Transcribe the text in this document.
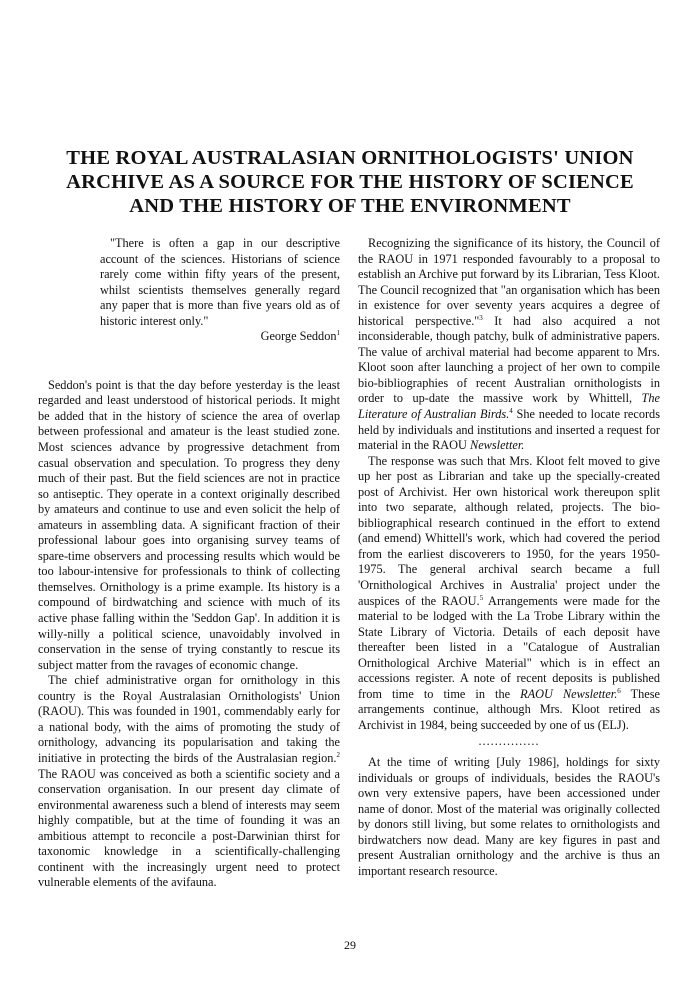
THE ROYAL AUSTRALASIAN ORNITHOLOGISTS' UNION
ARCHIVE AS A SOURCE FOR THE HISTORY OF SCIENCE
AND THE HISTORY OF THE ENVIRONMENT

"There is often a gap in our descriptive account of the sciences. Historians of science rarely come within fifty years of the present, whilst scientists themselves generally regard any paper that is more than five years old as of historic interest only."

George Seddon$^1$

Seddon's point is that the day before yesterday is the least regarded and least understood of historical periods. It might be added that in the history of science the area of overlap between professional and amateur is the least studied zone. Most sciences advance by progressive detachment from casual observation and speculation. To progress they deny much of their past. But the field sciences are not in practice so antiseptic. They operate in a context originally described by amateurs and continue to use and even solicit the help of amateurs in assembling data. A significant fraction of their professional labour goes into organising survey teams of spare-time observers and processing results which would be too labour-intensive for professionals to think of collecting themselves. Ornithology is a prime example. Its history is a compound of birdwatching and science with much of its active phase falling within the 'Seddon Gap'. In addition it is willy-nilly a political science, unavoidably involved in conservation in the sense of trying constantly to rescue its subject matter from the ravages of economic change.

The chief administrative organ for ornithology in this country is the Royal Australasian Ornithologists' Union (RAOU). This was founded in 1901, commendably early for a national body, with the aims of promoting the study of ornithology, advancing its popularisation and taking the initiative in protecting the birds of the Australasian region.$^2$ The RAOU was conceived as both a scientific society and a conservation organisation. In our present day climate of environmental awareness such a blend of interests may seem highly compatible, but at the time of founding it was an ambitious attempt to reconcile a post-Darwinian thirst for taxonomic knowledge in a scientifically-challenging continent with the increasingly urgent need to protect vulnerable elements of the avifauna.

Recognizing the significance of its history, the Council of the RAOU in 1971 responded favourably to a proposal to establish an Archive put forward by its Librarian, Tess Kloot. The Council recognized that "an organisation which has been in existence for over seventy years acquires a degree of historical perspective."$^3$ It had also acquired a not inconsiderable, though patchy, bulk of administrative papers. The value of archival material had become apparent to Mrs. Kloot soon after launching a project of her own to compile bio-bibliographies of recent Australian ornithologists in order to up-date the massive work by Whittell, The Literature of Australian Birds.$^4$ She needed to locate records held by individuals and institutions and inserted a request for material in the RAOU Newsletter.

The response was such that Mrs. Kloot felt moved to give up her post as Librarian and take up the specially-created post of Archivist. Her own historical work thereupon split into two separate, although related, projects. The bio-bibliographical research continued in the effort to extend (and emend) Whittell's work, which had covered the period from the earliest discoverers to 1950, for the years 1950-1975. The general archival search became a full 'Ornithological Archives in Australia' project under the auspices of the RAOU.$^5$ Arrangements were made for the material to be lodged with the La Trobe Library within the State Library of Victoria. Details of each deposit have thereafter been listed in a "Catalogue of Australian Ornithological Archive Material" which is in effect an accessions register. A note of recent deposits is published from time to time in the RAOU Newsletter.$^6$ These arrangements continue, although Mrs. Kloot retired as Archivist in 1984, being succeeded by one of us (ELJ).

...............

At the time of writing [July 1986], holdings for sixty individuals or groups of individuals, besides the RAOU's own very extensive papers, have been accessioned under name of donor. Most of the material was originally collected by donors still living, but some relates to ornithologists and birdwatchers now dead. Many are key figures in past and present Australian ornithology and the archive is thus an important research resource.

29
